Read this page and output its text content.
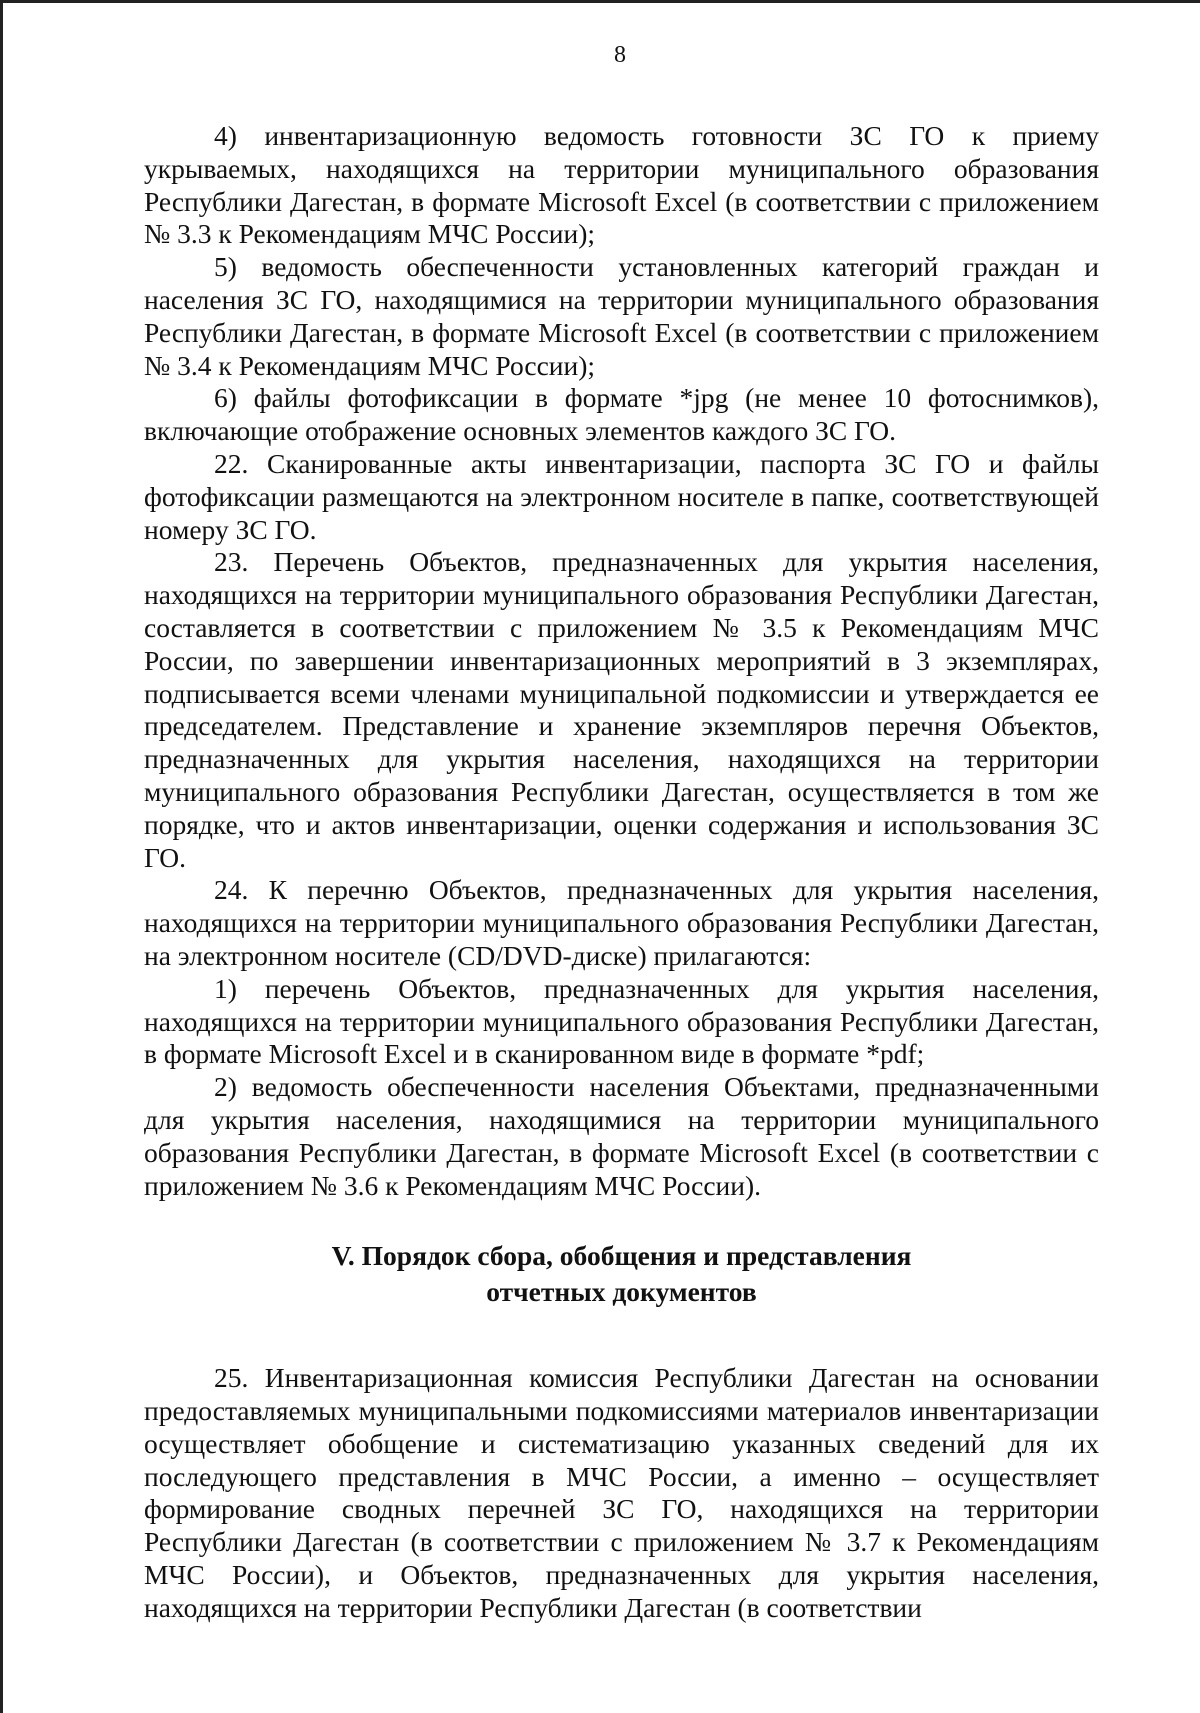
8

4) инвентаризационную ведомость готовности ЗС ГО к приему укрываемых, находящихся на территории муниципального образования Республики Дагестан, в формате Microsoft Excel (в соответствии с приложением № 3.3 к Рекомендациям МЧС России);

5) ведомость обеспеченности установленных категорий граждан и населения ЗС ГО, находящимися на территории муниципального образования Республики Дагестан, в формате Microsoft Excel (в соответствии с приложением № 3.4 к Рекомендациям МЧС России);

6) файлы фотофиксации в формате *jpg (не менее 10 фотоснимков), включающие отображение основных элементов каждого ЗС ГО.

22. Сканированные акты инвентаризации, паспорта ЗС ГО и файлы фотофиксации размещаются на электронном носителе в папке, соответствующей номеру ЗС ГО.

23. Перечень Объектов, предназначенных для укрытия населения, находящихся на территории муниципального образования Республики Дагестан, составляется в соответствии с приложением № 3.5 к Рекомендациям МЧС России, по завершении инвентаризационных мероприятий в 3 экземплярах, подписывается всеми членами муниципальной подкомиссии и утверждается ее председателем. Представление и хранение экземпляров перечня Объектов, предназначенных для укрытия населения, находящихся на территории муниципального образования Республики Дагестан, осуществляется в том же порядке, что и актов инвентаризации, оценки содержания и использования ЗС ГО.

24. К перечню Объектов, предназначенных для укрытия населения, находящихся на территории муниципального образования Республики Дагестан, на электронном носителе (CD/DVD-диске) прилагаются:

1) перечень Объектов, предназначенных для укрытия населения, находящихся на территории муниципального образования Республики Дагестан, в формате Microsoft Excel и в сканированном виде в формате *pdf;

2) ведомость обеспеченности населения Объектами, предназначенными для укрытия населения, находящимися на территории муниципального образования Республики Дагестан, в формате Microsoft Excel (в соответствии с приложением № 3.6 к Рекомендациям МЧС России).

V. Порядок сбора, обобщения и представления
отчетных документов

25. Инвентаризационная комиссия Республики Дагестан на основании предоставляемых муниципальными подкомиссиями материалов инвентаризации осуществляет обобщение и систематизацию указанных сведений для их последующего представления в МЧС России, а именно – осуществляет формирование сводных перечней ЗС ГО, находящихся на территории Республики Дагестан (в соответствии с приложением № 3.7 к Рекомендациям МЧС России), и Объектов, предназначенных для укрытия населения, находящихся на территории Республики Дагестан (в соответствии
